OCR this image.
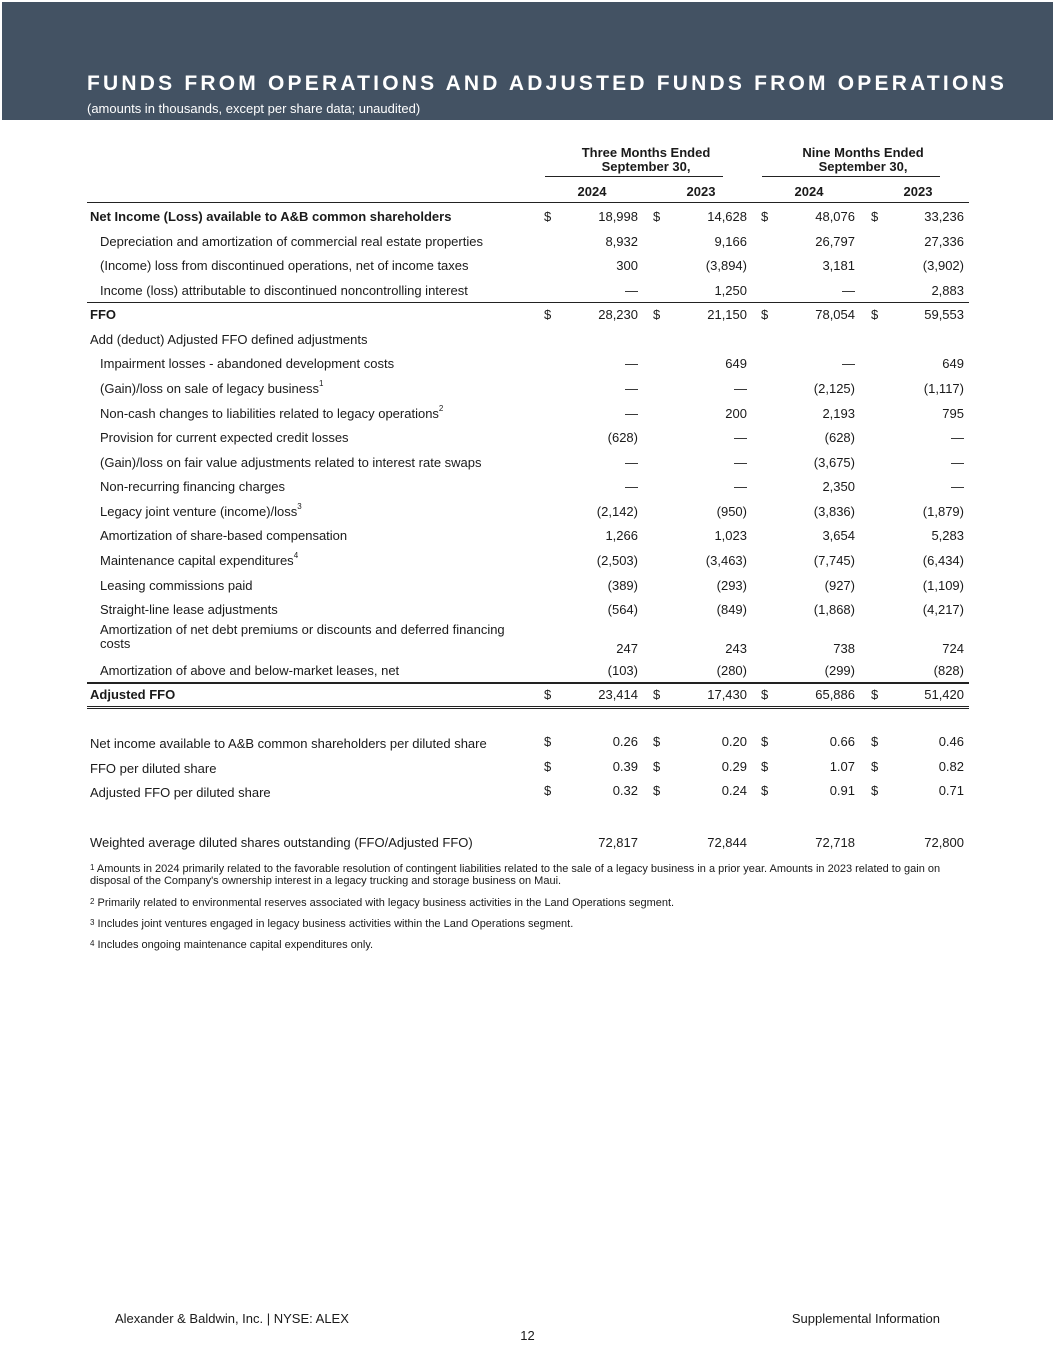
FUNDS FROM OPERATIONS AND ADJUSTED FUNDS FROM OPERATIONS
(amounts in thousands, except per share data; unaudited)
Three Months Ended
September 30,
Nine Months Ended
September 30,
2024	2023	2024	2023
Net Income (Loss) available to A&B common shareholders	$	18,998 $	14,628 $	48,076 $	33,236
Depreciation and amortization of commercial real estate properties	8,932	9,166	26,797	27,336
(Income) loss from discontinued operations, net of income taxes	300	(3,894)	3,181	(3,902)
Income (loss) attributable to discontinued noncontrolling interest	—	1,250	—	2,883
FFO	$	28,230 $	21,150 $	78,054 $	59,553
Add (deduct) Adjusted FFO defined adjustments
Impairment losses - abandoned development costs	—	649	—	649
(Gain)/loss on sale of legacy business$^1$	—	—	(2,125)	(1,117)
Non-cash changes to liabilities related to legacy operations$^2$	—	200	2,193	795
Provision for current expected credit losses	(628)	—	(628)	—
(Gain)/loss on fair value adjustments related to interest rate swaps	—	—	(3,675)	—
Non-recurring financing charges	—	—	2,350	—
Legacy joint venture (income)/loss$^3$	(2,142)	(950)	(3,836)	(1,879)
Amortization of share-based compensation	1,266	1,023	3,654	5,283
Maintenance capital expenditures$^4$	(2,503)	(3,463)	(7,745)	(6,434)
Leasing commissions paid	(389)	(293)	(927)	(1,109)
Straight-line lease adjustments	(564)	(849)	(1,868)	(4,217)
Amortization of net debt premiums or discounts and deferred financing
costs	247	243	738	724
Amortization of above and below-market leases, net	(103)	(280)	(299)	(828)
Adjusted FFO	$	23,414 $	17,430 $	65,886 $	51,420
Net income available to A&B common shareholders per diluted share	$	0.26 $	0.20 $	0.66 $	0.46
FFO per diluted share	$	0.39 $	0.29 $	1.07 $	0.82
Adjusted FFO per diluted share	$	0.32 $	0.24 $	0.91 $	0.71
Weighted average diluted shares outstanding (FFO/Adjusted FFO)	72,817	72,844	72,718	72,800
$^1$ Amounts in 2024 primarily related to the favorable resolution of contingent liabilities related to the sale of a legacy business in a prior year. Amounts in 2023 related to gain on disposal of the Company's ownership interest in a legacy trucking and storage business on Maui.
$^2$ Primarily related to environmental reserves associated with legacy business activities in the Land Operations segment.
$^3$ Includes joint ventures engaged in legacy business activities within the Land Operations segment.
$^4$ Includes ongoing maintenance capital expenditures only.
Alexander & Baldwin, Inc. | NYSE: ALEX	Supplemental Information
12
